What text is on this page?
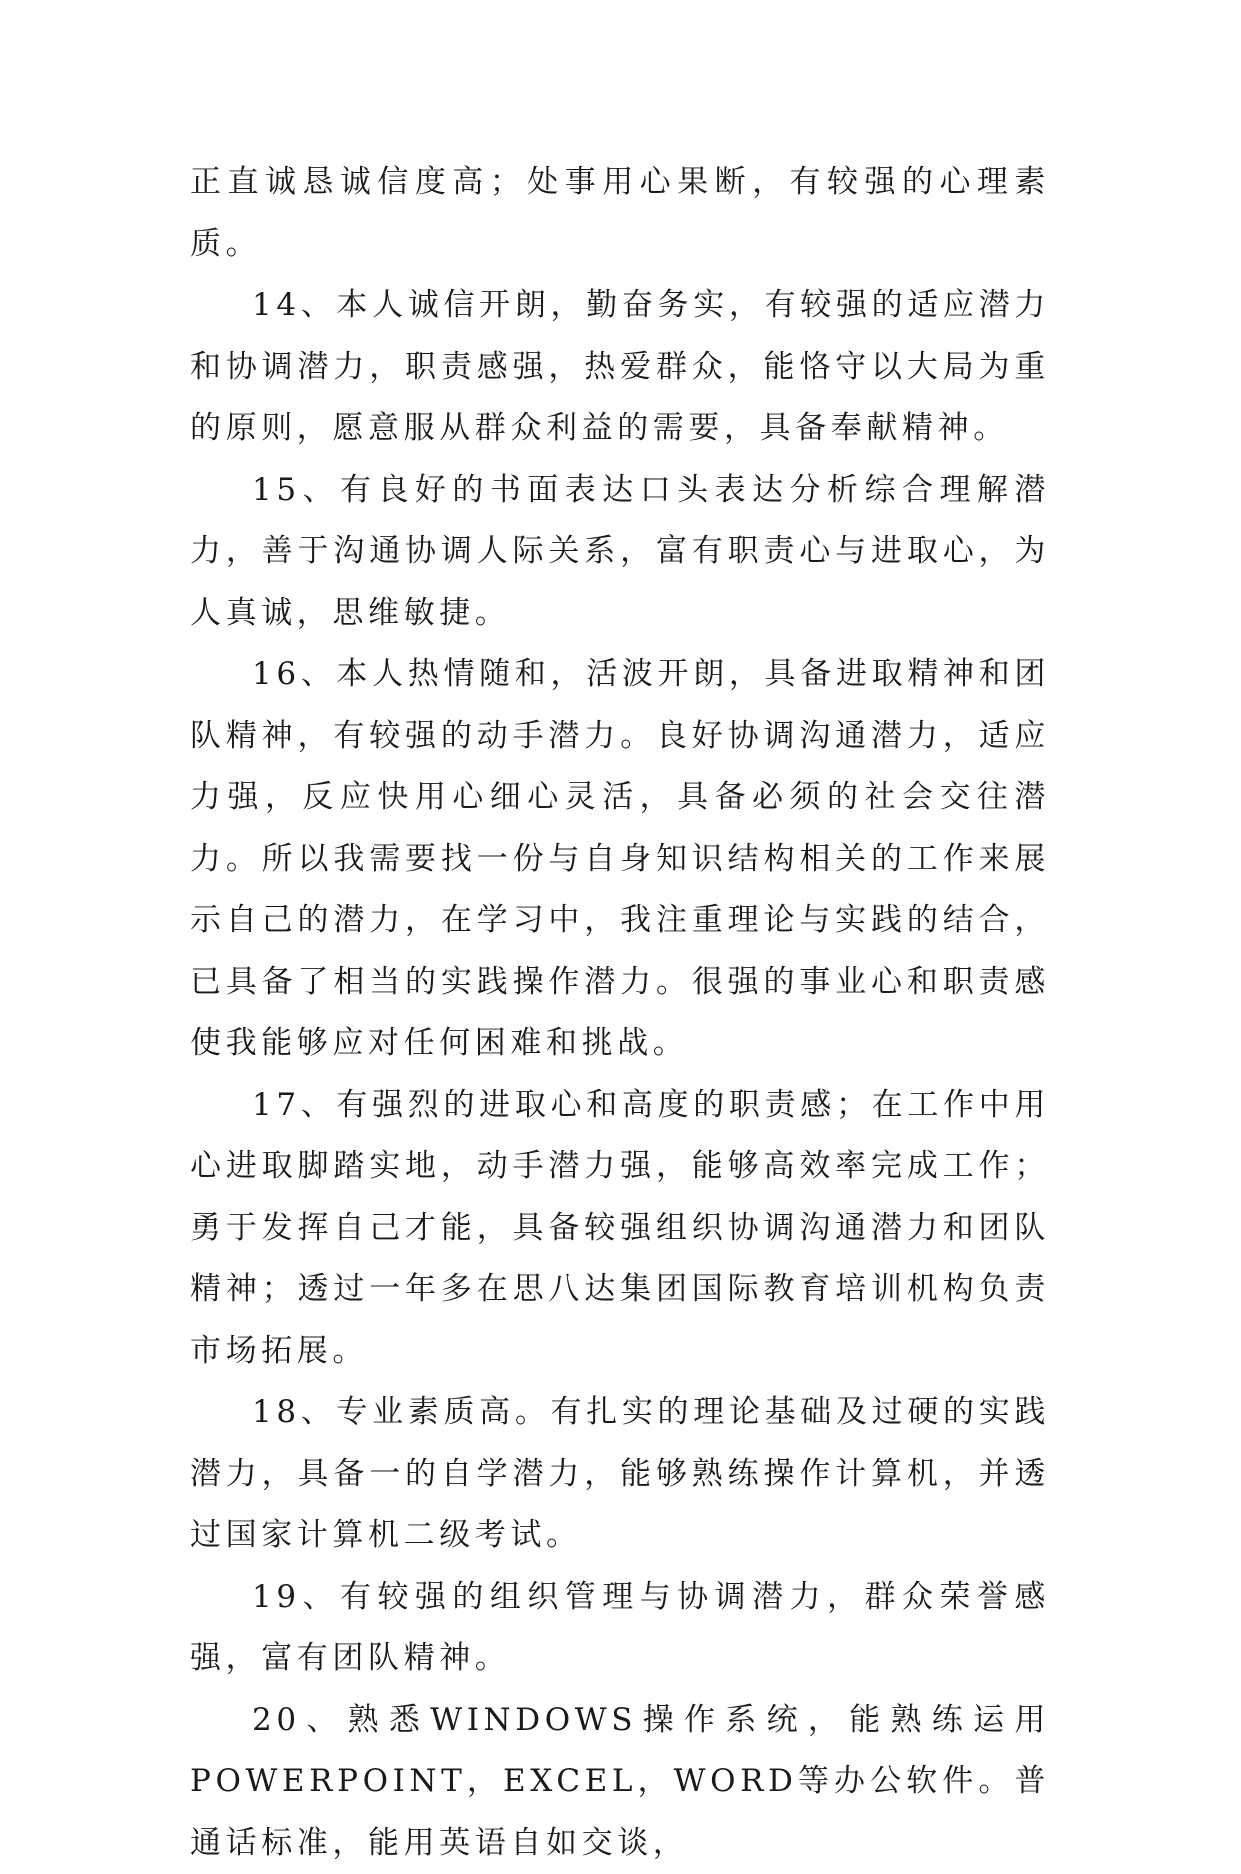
正直诚恳诚信度高；处事用心果断，有较强的心理素质。

14、本人诚信开朗，勤奋务实，有较强的适应潜力和协调潜力，职责感强，热爱群众，能恪守以大局为重的原则，愿意服从群众利益的需要，具备奉献精神。

15、有良好的书面表达口头表达分析综合理解潜力，善于沟通协调人际关系，富有职责心与进取心，为人真诚，思维敏捷。

16、本人热情随和，活波开朗，具备进取精神和团队精神，有较强的动手潜力。良好协调沟通潜力，适应力强，反应快用心细心灵活，具备必须的社会交往潜力。所以我需要找一份与自身知识结构相关的工作来展示自己的潜力，在学习中，我注重理论与实践的结合，已具备了相当的实践操作潜力。很强的事业心和职责感使我能够应对任何困难和挑战。

17、有强烈的进取心和高度的职责感；在工作中用心进取脚踏实地，动手潜力强，能够高效率完成工作；勇于发挥自己才能，具备较强组织协调沟通潜力和团队精神；透过一年多在思八达集团国际教育培训机构负责市场拓展。

18、专业素质高。有扎实的理论基础及过硬的实践潜力，具备一的自学潜力，能够熟练操作计算机，并透过国家计算机二级考试。

19、有较强的组织管理与协调潜力，群众荣誉感强，富有团队精神。

20、熟悉WINDOWS操作系统，能熟练运用POWERPOINT，EXCEL，WORD等办公软件。普通话标准，能用英语自如交谈，
